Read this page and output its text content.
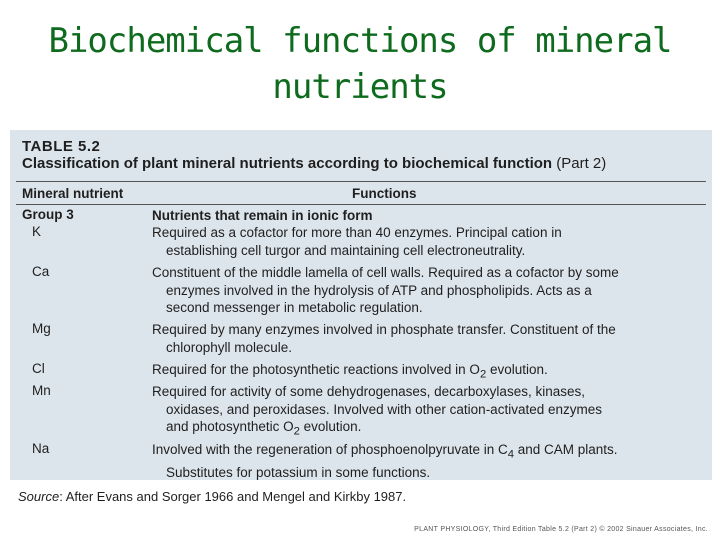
Biochemical functions of mineral
nutrients
TABLE 5.2
Classification of plant mineral nutrients according to biochemical function (Part 2)
Mineral nutrient	Functions
Group 3	Nutrients that remain in ionic form
K	Required as a cofactor for more than 40 enzymes. Principal cation in
establishing cell turgor and maintaining cell electroneutrality.
Ca	Constituent of the middle lamella of cell walls. Required as a cofactor by some
enzymes involved in the hydrolysis of ATP and phospholipids. Acts as a
second messenger in metabolic regulation.
Mg	Required by many enzymes involved in phosphate transfer. Constituent of the
chlorophyll molecule.
Cl	Required for the photosynthetic reactions involved in $O_2$ evolution.
Mn	Required for activity of some dehydrogenases, decarboxylases, kinases,
oxidases, and peroxidases. Involved with other cation-activated enzymes
and photosynthetic $O_2$ evolution.
Na	Involved with the regeneration of phosphoenolpyruvate in $C_4$ and CAM plants.
Substitutes for potassium in some functions.
Source: After Evans and Sorger 1966 and Mengel and Kirkby 1987.
PLANT PHYSIOLOGY, Third Edition Table 5.2 (Part 2) © 2002 Sinauer Associates, Inc.
